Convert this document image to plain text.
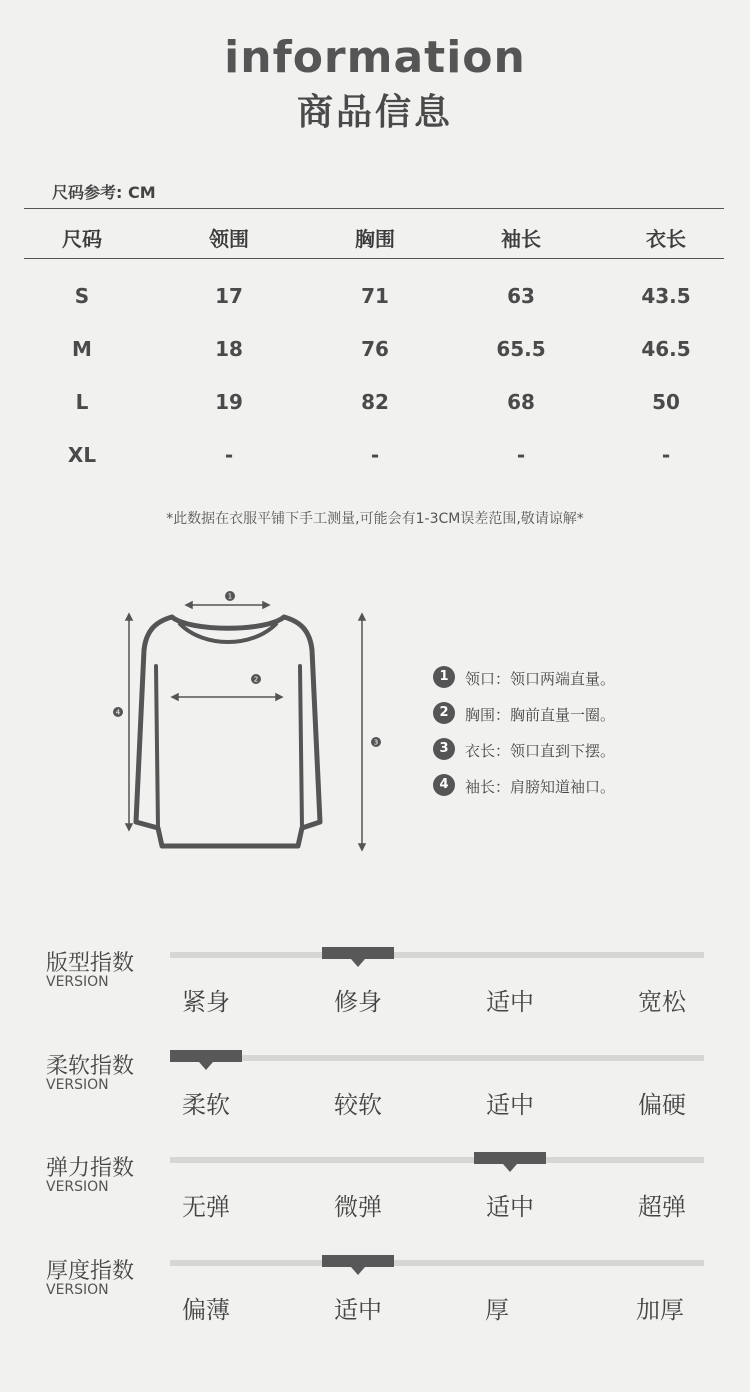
information
商品信息
尺码参考: CM
尺码	领围	胸围	袖长	衣长
S	17	71	63	43.5
M	18	76	65.5	46.5
L	19	82	68	50
XL	-	-	-	-
*此数据在衣服平铺下手工测量,可能会有1-3CM误差范围,敬请谅解*
1
2
3
4
1	领口：领口两端直量。
2	胸围：胸前直量一圈。
3	衣长：领口直到下摆。
4	袖长：肩膀知道袖口。
版型指数
VERSION
紧身	修身	适中	宽松
柔软指数
VERSION
柔软	较软	适中	偏硬
弹力指数
VERSION
无弹	微弹	适中	超弹
厚度指数
VERSION
偏薄	适中	厚	加厚
